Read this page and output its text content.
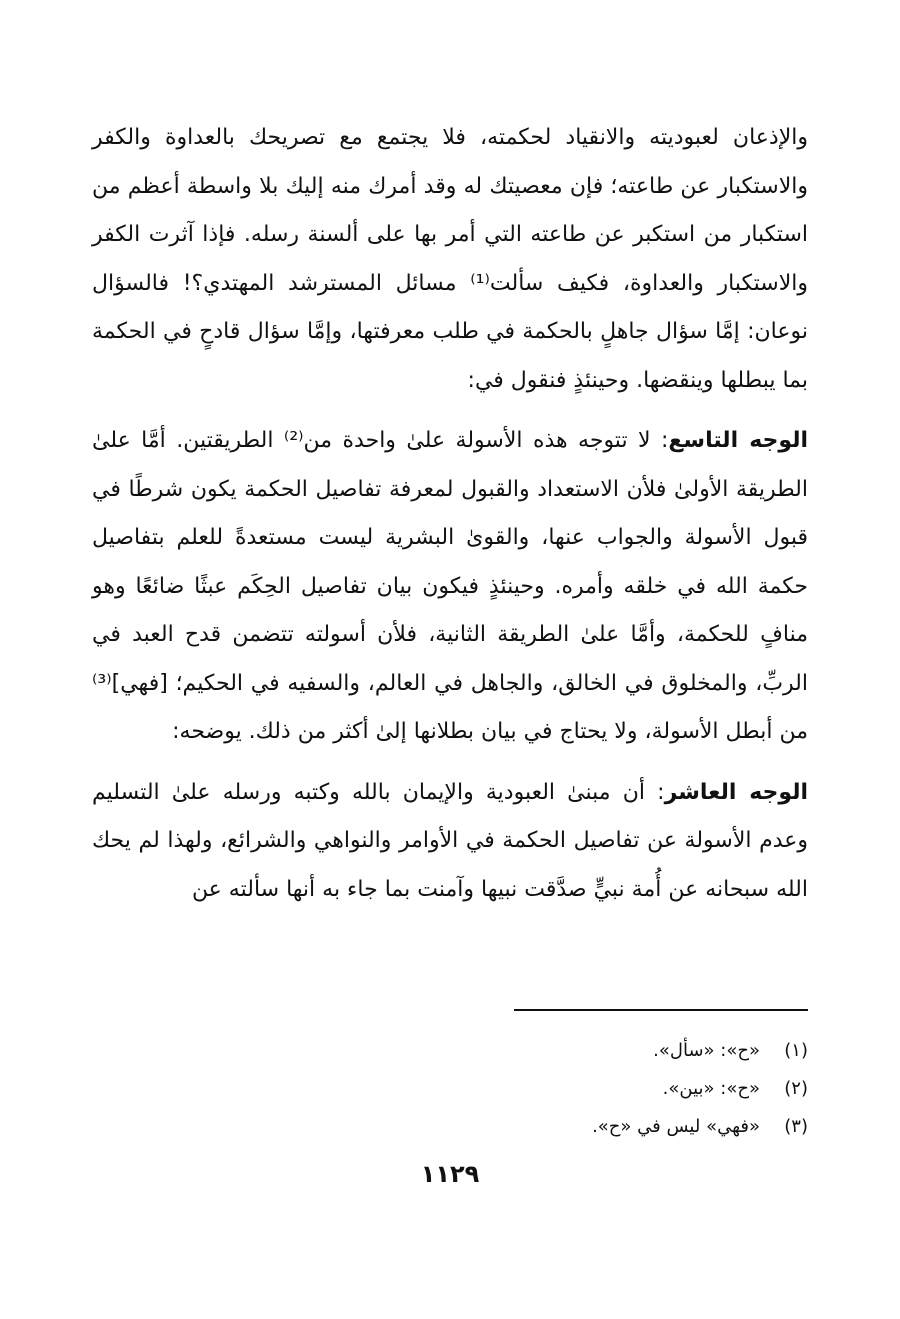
والإذعان لعبوديته والانقياد لحكمته، فلا يجتمع مع تصريحك بالعداوة والكفر والاستكبار عن طاعته؛ فإن معصيتك له وقد أمرك منه إليك بلا واسطة أعظم من استكبار من استكبر عن طاعته التي أمر بها على ألسنة رسله. فإذا آثرت الكفر والاستكبار والعداوة، فكيف سألت⁽¹⁾ مسائل المسترشد المهتدي؟! فالسؤال نوعان: إمَّا سؤال جاهلٍ بالحكمة في طلب معرفتها، وإمَّا سؤال قادحٍ في الحكمة بما يبطلها وينقضها. وحينئذٍ فنقول في:

الوجه التاسع: لا تتوجه هذه الأسولة علىٰ واحدة من⁽²⁾ الطريقتين. أمَّا علىٰ الطريقة الأولىٰ فلأن الاستعداد والقبول لمعرفة تفاصيل الحكمة يكون شرطًا في قبول الأسولة والجواب عنها، والقوىٰ البشرية ليست مستعدةً للعلم بتفاصيل حكمة الله في خلقه وأمره. وحينئذٍ فيكون بيان تفاصيل الحِكَم عبثًا ضائعًا وهو منافٍ للحكمة، وأمَّا علىٰ الطريقة الثانية، فلأن أسولته تتضمن قدح العبد في الربِّ، والمخلوق في الخالق، والجاهل في العالم، والسفيه في الحكيم؛ [فهي]⁽³⁾ من أبطل الأسولة، ولا يحتاج في بيان بطلانها إلىٰ أكثر من ذلك. يوضحه:

الوجه العاشر: أن مبنىٰ العبودية والإيمان بالله وكتبه ورسله علىٰ التسليم وعدم الأسولة عن تفاصيل الحكمة في الأوامر والنواهي والشرائع، ولهذا لم يحك الله سبحانه عن أُمة نبيٍّ صدَّقت نبيها وآمنت بما جاء به أنها سألته عن

(١)«ح»: «سأل».
(٢)«ح»: «بين».
(٣)«فهي» ليس في «ح».
١١٢٩
